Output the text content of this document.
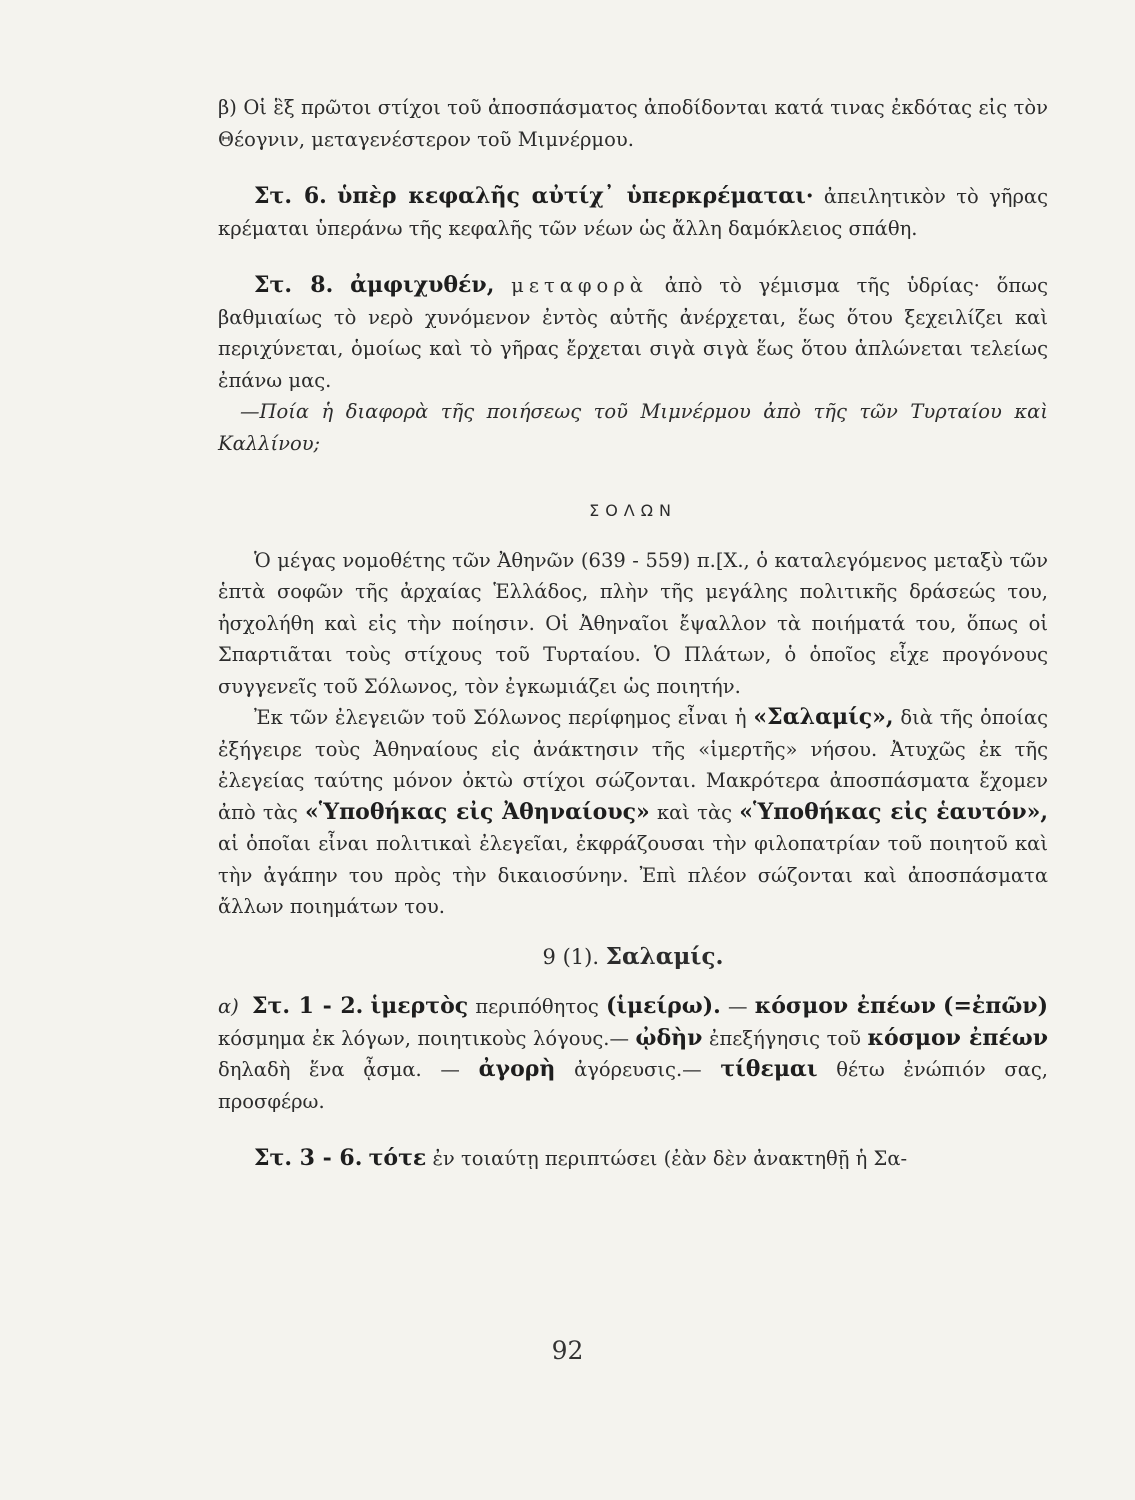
β) Οἱ ἓξ πρῶτοι στίχοι τοῦ ἀποσπάσματος ἀποδίδονται κατά τινας ἐκδότας εἰς τὸν Θέογνιν, μεταγενέστερον τοῦ Μιμνέρμου.

Στ. 6. ὑπὲρ κεφαλῆς αὐτίχ᾿ ὑπερκρέμαται· ἀπειλητικὸν τὸ γῆρας κρέμαται ὑπεράνω τῆς κεφαλῆς τῶν νέων ὡς ἄλλη δαμόκλειος σπάθη.

Στ. 8. ἀμφιχυθέν, μεταφορὰ ἀπὸ τὸ γέμισμα τῆς ὑδρίας· ὅπως βαθμιαίως τὸ νερὸ χυνόμενον ἐντὸς αὐτῆς ἀνέρχεται, ἕως ὅτου ξεχειλίζει καὶ περιχύνεται, ὁμοίως καὶ τὸ γῆρας ἔρχεται σιγὰ σιγὰ ἕως ὅτου ἁπλώνεται τελείως ἐπάνω μας.

—Ποία ἡ διαφορὰ τῆς ποιήσεως τοῦ Μιμνέρμου ἀπὸ τῆς τῶν Τυρταίου καὶ Καλλίνου;

ΣΟΛΩΝ

Ὁ μέγας νομοθέτης τῶν Ἀθηνῶν (639 - 559) π.[Χ., ὁ καταλεγόμενος μεταξὺ τῶν ἑπτὰ σοφῶν τῆς ἀρχαίας Ἑλλάδος, πλὴν τῆς μεγάλης πολιτικῆς δράσεώς του, ἠσχολήθη καὶ εἰς τὴν ποίησιν. Οἱ Ἀθηναῖοι ἔψαλλον τὰ ποιήματά του, ὅπως οἱ Σπαρτιᾶται τοὺς στίχους τοῦ Τυρταίου. Ὁ Πλάτων, ὁ ὁποῖος εἶχε προγόνους συγγενεῖς τοῦ Σόλωνος, τὸν ἐγκωμιάζει ὡς ποιητήν.

Ἐκ τῶν ἐλεγειῶν τοῦ Σόλωνος περίφημος εἶναι ἡ «Σαλαμίς», διὰ τῆς ὁποίας ἐξήγειρε τοὺς Ἀθηναίους εἰς ἀνάκτησιν τῆς «ἱμερτῆς» νήσου. Ἀτυχῶς ἐκ τῆς ἐλεγείας ταύτης μόνον ὀκτὼ στίχοι σώζονται. Μακρότερα ἀποσπάσματα ἔχομεν ἀπὸ τὰς «Ὑποθήκας εἰς Ἀθηναίους» καὶ τὰς «Ὑποθήκας εἰς ἑαυτόν», αἱ ὁποῖαι εἶναι πολιτικαὶ ἐλεγεῖαι, ἐκφράζουσαι τὴν φιλοπατρίαν τοῦ ποιητοῦ καὶ τὴν ἀγάπην του πρὸς τὴν δικαιοσύνην. Ἐπὶ πλέον σώζονται καὶ ἀποσπάσματα ἄλλων ποιημάτων του.

9 (1). Σαλαμίς.

α) Στ. 1 - 2. ἱμερτὸς περιπόθητος (ἱμείρω). — κόσμον ἐπέων (=ἐπῶν) κόσμημα ἐκ λόγων, ποιητικοὺς λόγους.— ᾠδὴν ἐπεξήγησις τοῦ κόσμον ἐπέων δηλαδὴ ἕνα ᾆσμα. — ἀγορὴ ἀγόρευσις.— τίθεμαι θέτω ἐνώπιόν σας, προσφέρω.

Στ. 3 - 6. τότε ἐν τοιαύτῃ περιπτώσει (ἐὰν δὲν ἀνακτηθῇ ἡ Σα-

92
